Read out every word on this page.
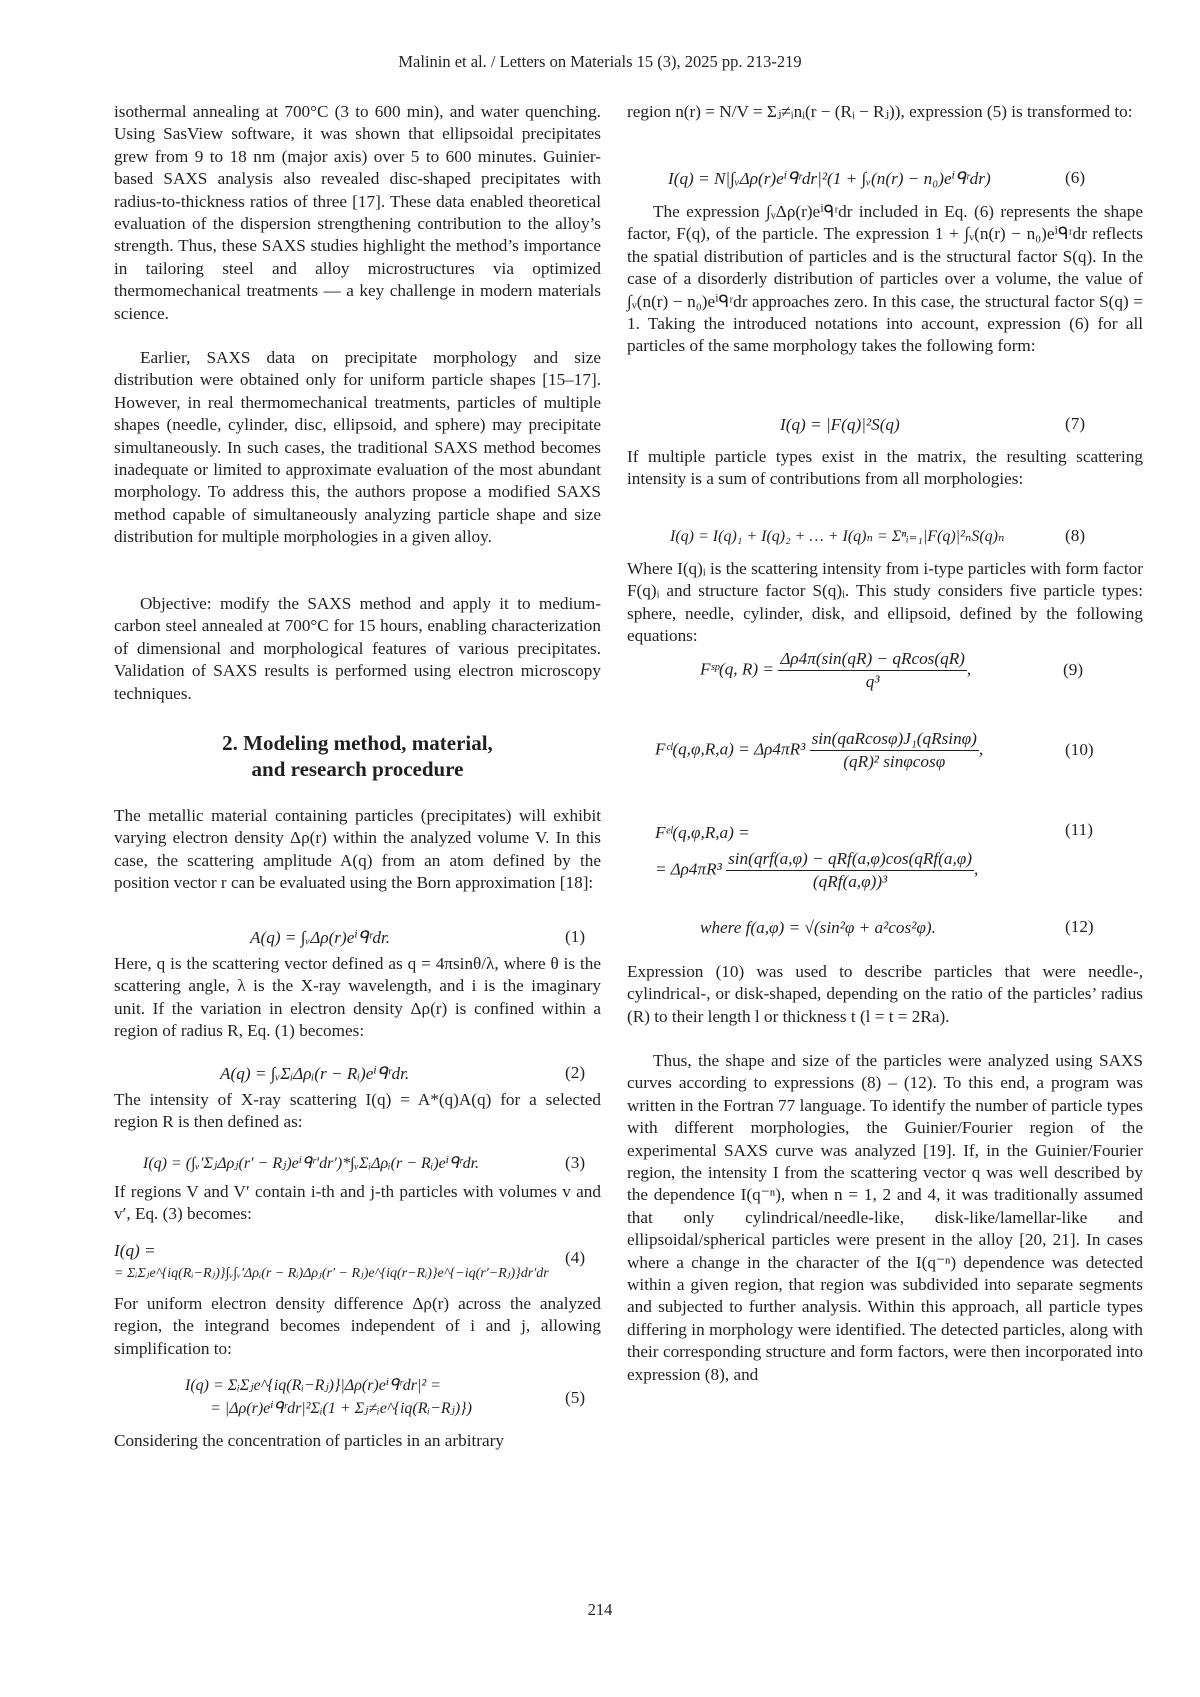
Malinin et al. / Letters on Materials 15 (3), 2025 pp. 213-219

isothermal annealing at 700°C (3 to 600 min), and water quenching. Using SasView software, it was shown that ellipsoidal precipitates grew from 9 to 18 nm (major axis) over 5 to 600 minutes. Guinier-based SAXS analysis also revealed disc-shaped precipitates with radius-to-thickness ratios of three [17]. These data enabled theoretical evaluation of the dispersion strengthening contribution to the alloy’s strength. Thus, these SAXS studies highlight the method’s importance in tailoring steel and alloy microstructures via optimized thermomechanical treatments — a key challenge in modern materials science.

Earlier, SAXS data on precipitate morphology and size distribution were obtained only for uniform particle shapes [15–17]. However, in real thermomechanical treatments, particles of multiple shapes (needle, cylinder, disc, ellipsoid, and sphere) may precipitate simultaneously. In such cases, the traditional SAXS method becomes inadequate or limited to approximate evaluation of the most abundant morphology. To address this, the authors propose a modified SAXS method capable of simultaneously analyzing particle shape and size distribution for multiple morphologies in a given alloy.

Objective: modify the SAXS method and apply it to medium-carbon steel annealed at 700°C for 15 hours, enabling characterization of dimensional and morphological features of various precipitates. Validation of SAXS results is performed using electron microscopy techniques.

2. Modeling method, material,
and research procedure

The metallic material containing particles (precipitates) will exhibit varying electron density Δρ(r) within the analyzed volume V. In this case, the scattering amplitude A(q) from an atom defined by the position vector r can be evaluated using the Born approximation [18]:

A(q) = ∫ᵥΔρ(r)eⁱᑫʳdr.	(1)

Here, q is the scattering vector defined as q = 4πsinθ/λ, where θ is the scattering angle, λ is the X-ray wavelength, and i is the imaginary unit. If the variation in electron density Δρ(r) is confined within a region of radius R, Eq. (1) becomes:

A(q) = ∫ᵥΣᵢΔρᵢ(r − Rᵢ)eⁱᑫʳdr.	(2)

The intensity of X-ray scattering I(q) = A*(q)A(q) for a selected region R is then defined as:

I(q) = (∫ᵥ′ΣⱼΔρⱼ(r′ − Rⱼ)eⁱᑫʳ′dr′)*∫ᵥΣᵢΔρᵢ(r − Rᵢ)eⁱᑫʳdr.	(3)

If regions V and V′ contain i-th and j-th particles with volumes v and v′, Eq. (3) becomes:

I(q) =
= ΣᵢΣⱼe^{iq(Rᵢ−Rⱼ)}∫ᵥ∫ᵥ′Δρᵢ(r − Rᵢ)Δρⱼ(r′ − Rⱼ)e^{iq(r−Rᵢ)}e^{−iq(r′−Rⱼ)}dr′dr
(4)

For uniform electron density difference Δρ(r) across the analyzed region, the integrand becomes independent of i and j, allowing simplification to:

I(q) = ΣᵢΣⱼe^{iq(Rᵢ−Rⱼ)}|Δρ(r)eⁱᑫʳdr|² =
= |Δρ(r)eⁱᑫʳdr|²Σᵢ(1 + Σⱼ≠ᵢe^{iq(Rᵢ−Rⱼ)})
(5)

Considering the concentration of particles in an arbitrary

region n(r) = N/V = Σⱼ≠ᵢnᵢ(r − (Rᵢ − Rⱼ)), expression (5) is transformed to:

I(q) = N|∫ᵥΔρ(r)eⁱᑫʳdr|²(1 + ∫ᵥ(n(r) − n₀)eⁱᑫʳdr)	(6)

The expression ∫ᵥΔρ(r)eⁱᑫʳdr included in Eq. (6) represents the shape factor, F(q), of the particle. The expression 1 + ∫ᵥ(n(r) − n₀)eⁱᑫʳdr reflects the spatial distribution of particles and is the structural factor S(q). In the case of a disorderly distribution of particles over a volume, the value of ∫ᵥ(n(r) − n₀)eⁱᑫʳdr approaches zero. In this case, the structural factor S(q) = 1. Taking the introduced notations into account, expression (6) for all particles of the same morphology takes the following form:

I(q) = |F(q)|²S(q)	(7)

If multiple particle types exist in the matrix, the resulting scattering intensity is a sum of contributions from all morphologies:

I(q) = I(q)₁ + I(q)₂ + … + I(q)ₙ = Σⁿᵢ₌₁|F(q)|²ₙS(q)ₙ	(8)

Where I(q)ᵢ is the scattering intensity from i-type particles with form factor F(q)ᵢ and structure factor S(q)ᵢ. This study considers five particle types: sphere, needle, cylinder, disk, and ellipsoid, defined by the following equations:

Fˢᵖ(q, R) =
Δρ4π(sin(qR) − qRcos(qR)
q³
,	(9)
Fᶜˡ(q,φ,R,a) = Δρ4πR³
sin(qaRcosφ)J₁(qRsinφ)
(qR)² sinφcosφ
,	(10)
Fᵉˡ(q,φ,R,a) =
= Δρ4πR³
sin(qrf(a,φ) − qRf(a,φ)cos(qRf(a,φ)
(qRf(a,φ))³
,
(11)
where f(a,φ) = √(sin²φ + a²cos²φ).	(12)

Expression (10) was used to describe particles that were needle-, cylindrical-, or disk-shaped, depending on the ratio of the particles’ radius (R) to their length l or thickness t (l = t = 2Ra).

Thus, the shape and size of the particles were analyzed using SAXS curves according to expressions (8) – (12). To this end, a program was written in the Fortran 77 language. To identify the number of particle types with different morphologies, the Guinier/Fourier region of the experimental SAXS curve was analyzed [19]. If, in the Guinier/Fourier region, the intensity I from the scattering vector q was well described by the dependence I(q⁻ⁿ), when n = 1, 2 and 4, it was traditionally assumed that only cylindrical/needle-like, disk-like/lamellar-like and ellipsoidal/spherical particles were present in the alloy [20, 21]. In cases where a change in the character of the I(q⁻ⁿ) dependence was detected within a given region, that region was subdivided into separate segments and subjected to further analysis. Within this approach, all particle types differing in morphology were identified. The detected particles, along with their corresponding structure and form factors, were then incorporated into expression (8), and

214
